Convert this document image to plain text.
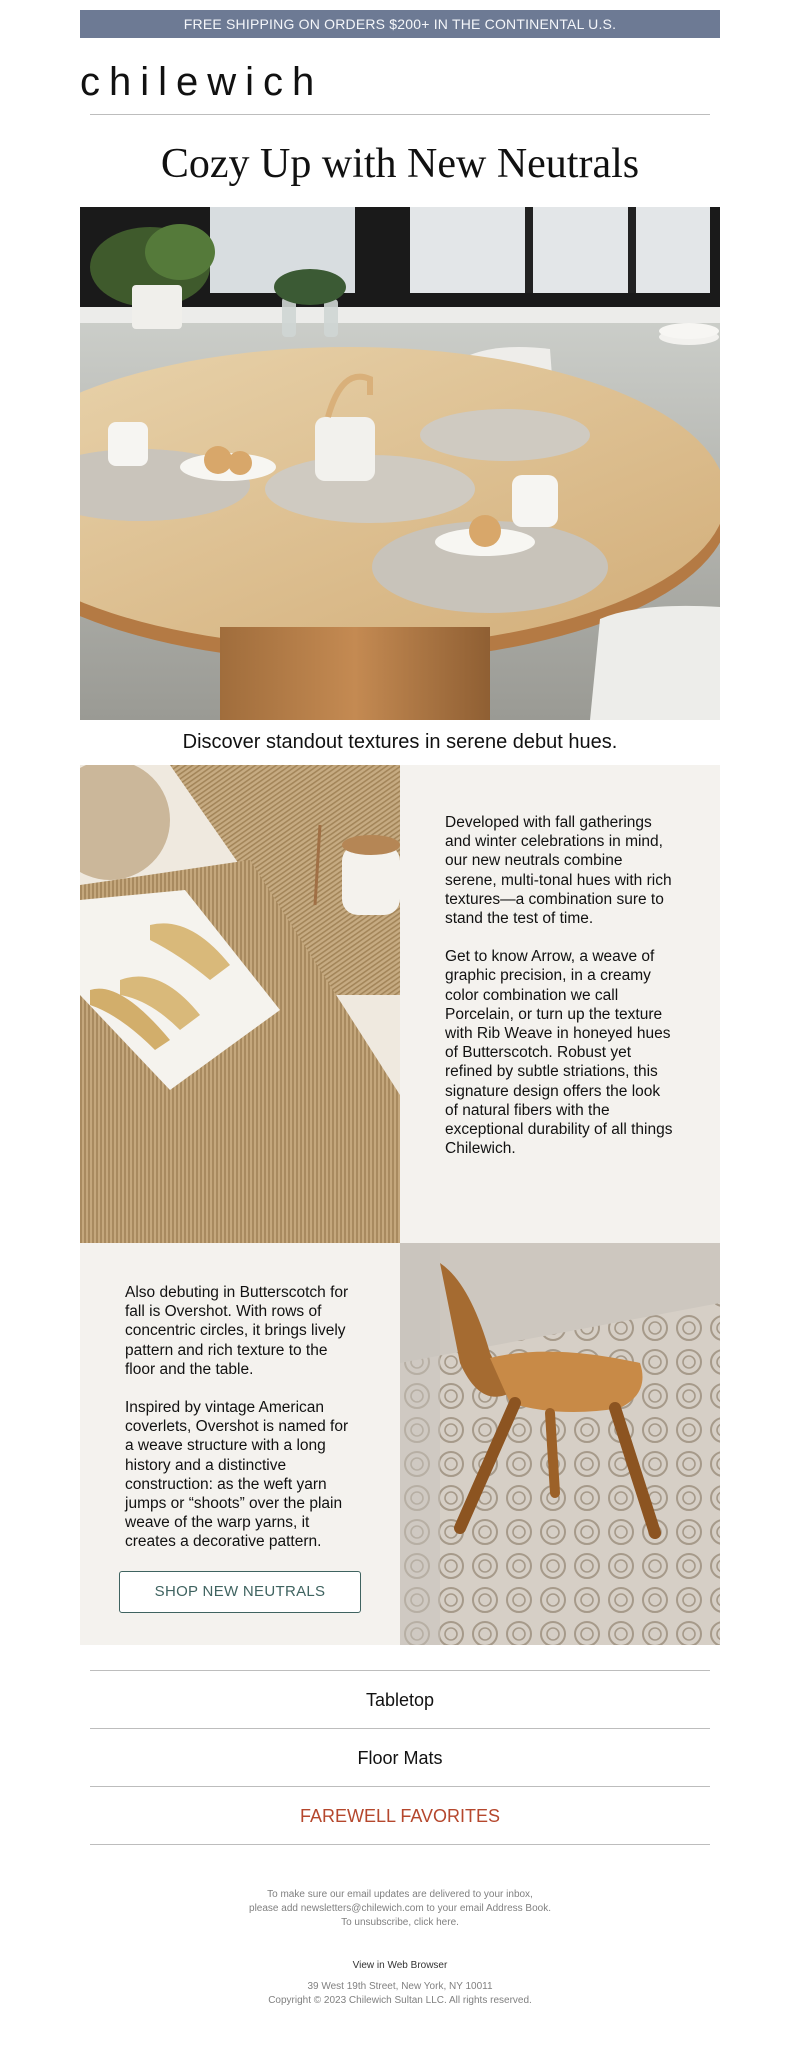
FREE SHIPPING ON ORDERS $200+ IN THE CONTINENTAL U.S.
chilewich
Cozy Up with New Neutrals
Discover standout textures in serene debut hues.

Developed with fall gatherings and winter celebrations in mind, our new neutrals combine serene, multi-tonal hues with rich textures—a combination sure to stand the test of time.

Get to know Arrow, a weave of graphic precision, in a creamy color combination we call Porcelain, or turn up the texture with Rib Weave in honeyed hues of Butterscotch. Robust yet refined by subtle striations, this signature design offers the look of natural fibers with the exceptional durability of all things Chilewich.

Also debuting in Butterscotch for fall is Overshot. With rows of concentric circles, it brings lively pattern and rich texture to the floor and the table.

Inspired by vintage American coverlets, Overshot is named for a weave structure with a long history and a distinctive construction: as the weft yarn jumps or “shoots” over the plain weave of the warp yarns, it creates a decorative pattern.

SHOP NEW NEUTRALS
Tabletop
Floor Mats
FAREWELL FAVORITES
To make sure our email updates are delivered to your inbox,
please add newsletters@chilewich.com to your email Address Book.
To unsubscribe, click here.
View in Web Browser
39 West 19th Street, New York, NY 10011
Copyright © 2023 Chilewich Sultan LLC. All rights reserved.
